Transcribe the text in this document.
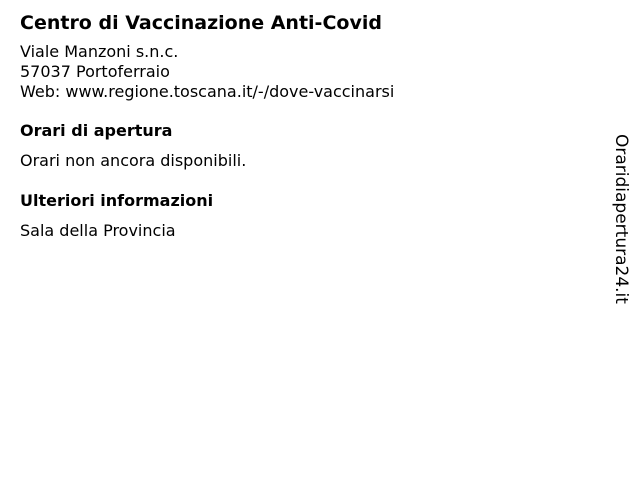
Centro di Vaccinazione Anti-Covid
Viale Manzoni s.n.c.
57037 Portoferraio
Web: www.regione.toscana.it/-/dove-vaccinarsi
Orari di apertura
Orari non ancora disponibili.
Ulteriori informazioni
Sala della Provincia
Oraridiapertura24.it
